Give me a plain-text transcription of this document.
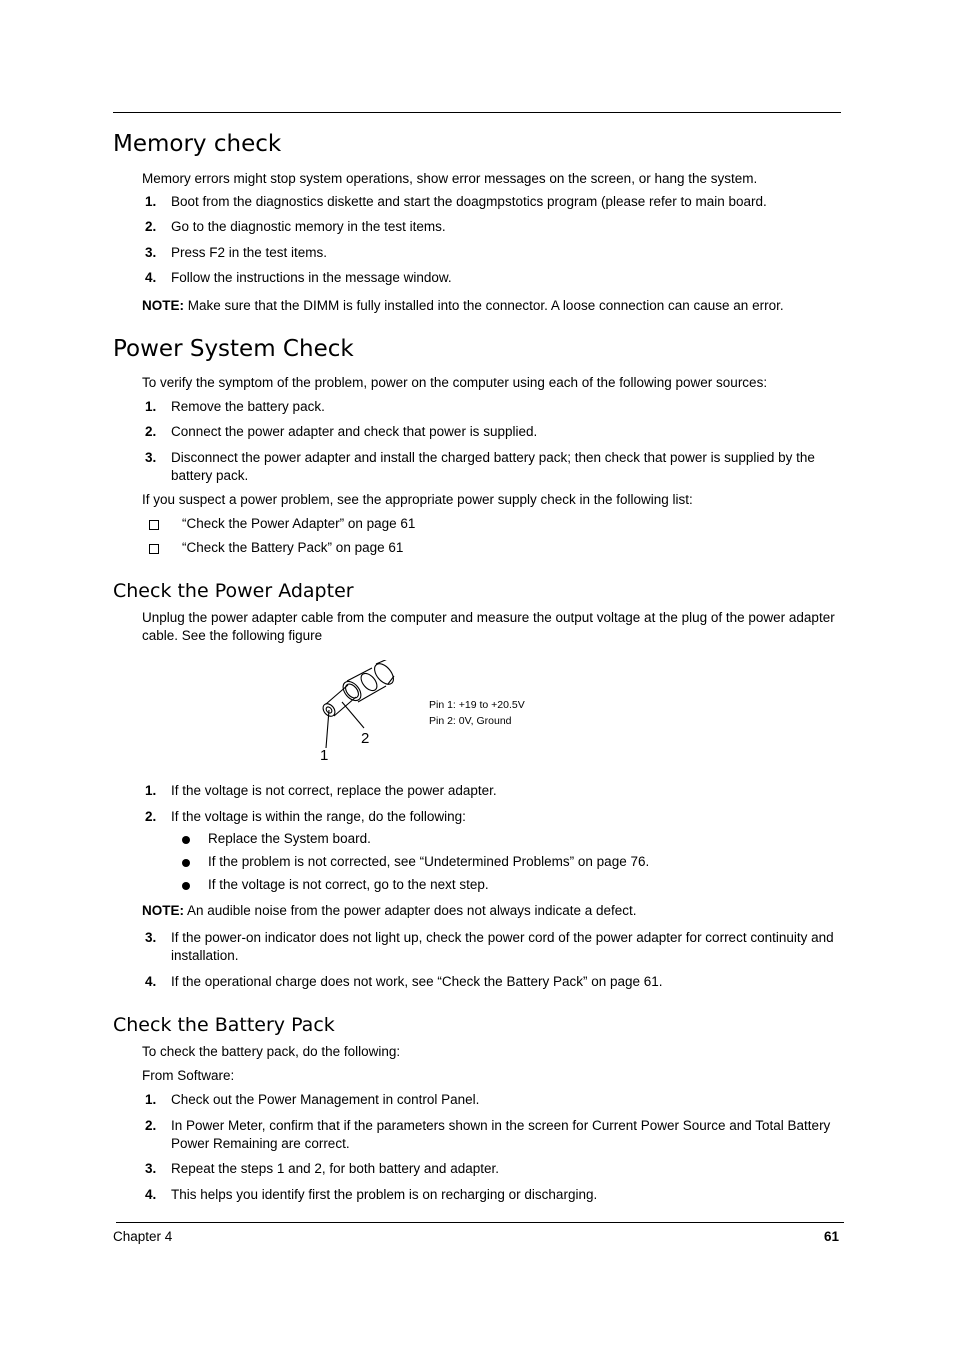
Memory check

Memory errors might stop system operations, show error messages on the screen, or hang the system.

1. Boot from the diagnostics diskette and start the doagmpstotics program (please refer to main board.
2. Go to the diagnostic memory in the test items.
3. Press F2 in the test items.
4. Follow the instructions in the message window.

NOTE: Make sure that the DIMM is fully installed into the connector. A loose connection can cause an error.

Power System Check

To verify the symptom of the problem, power on the computer using each of the following power sources:

1. Remove the battery pack.
2. Connect the power adapter and check that power is supplied.
3. Disconnect the power adapter and install the charged battery pack; then check that power is supplied by the battery pack.

If you suspect a power problem, see the appropriate power supply check in the following list:

“Check the Power Adapter” on page 61
“Check the Battery Pack” on page 61
Check the Power Adapter

Unplug the power adapter cable from the computer and measure the output voltage at the plug of the power adapter cable. See the following figure

1
2
Pin 1: +19 to +20.5V
Pin 2: 0V, Ground
1. If the voltage is not correct, replace the power adapter.
2. If the voltage is within the range, do the following:
Replace the System board.
If the problem is not corrected, see “Undetermined Problems” on page 76.
If the voltage is not correct, go to the next step.

NOTE: An audible noise from the power adapter does not always indicate a defect.

3. If the power-on indicator does not light up, check the power cord of the power adapter for correct continuity and installation.
4. If the operational charge does not work, see “Check the Battery Pack” on page 61.
Check the Battery Pack

To check the battery pack, do the following:

From Software:

1. Check out the Power Management in control Panel.
2. In Power Meter, confirm that if the parameters shown in the screen for Current Power Source and Total Battery Power Remaining are correct.
3. Repeat the steps 1 and 2, for both battery and adapter.
4. This helps you identify first the problem is on recharging or discharging.
Chapter 4	61
